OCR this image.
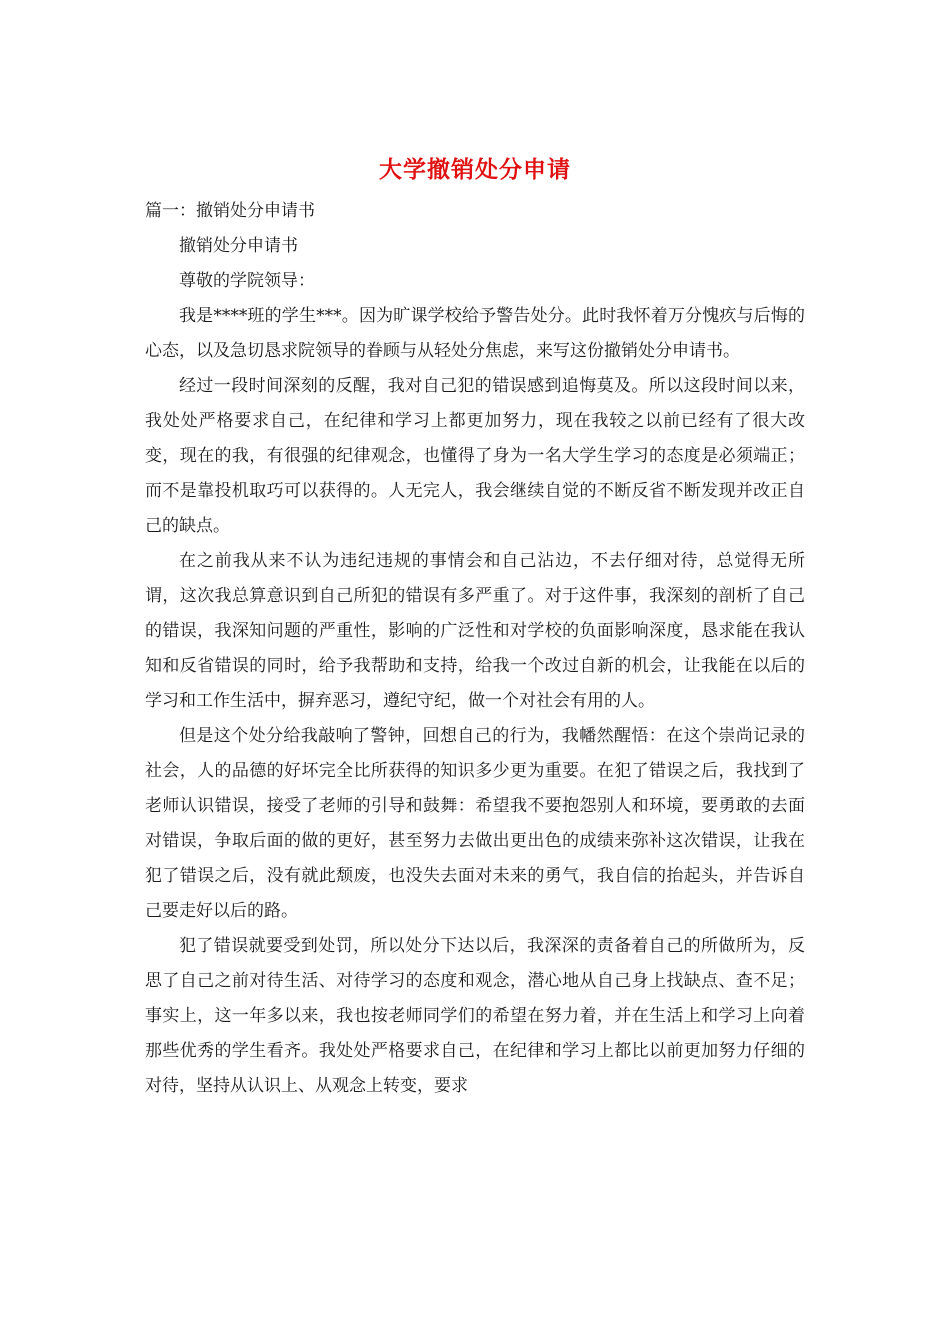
大学撤销处分申请

篇一：撤销处分申请书

撤销处分申请书

尊敬的学院领导：

我是****班的学生***。因为旷课学校给予警告处分。此时我怀着万分愧疚与后悔的心态，以及急切恳求院领导的眷顾与从轻处分焦虑，来写这份撤销处分申请书。

经过一段时间深刻的反醒，我对自己犯的错误感到追悔莫及。所以这段时间以来，我处处严格要求自己，在纪律和学习上都更加努力，现在我较之以前已经有了很大改变，现在的我，有很强的纪律观念，也懂得了身为一名大学生学习的态度是必须端正；而不是靠投机取巧可以获得的。人无完人，我会继续自觉的不断反省不断发现并改正自己的缺点。

在之前我从来不认为违纪违规的事情会和自己沾边，不去仔细对待，总觉得无所谓，这次我总算意识到自己所犯的错误有多严重了。对于这件事，我深刻的剖析了自己的错误，我深知问题的严重性，影响的广泛性和对学校的负面影响深度，恳求能在我认知和反省错误的同时，给予我帮助和支持，给我一个改过自新的机会，让我能在以后的学习和工作生活中，摒弃恶习，遵纪守纪，做一个对社会有用的人。

但是这个处分给我敲响了警钟，回想自己的行为，我幡然醒悟：在这个崇尚记录的社会，人的品德的好坏完全比所获得的知识多少更为重要。在犯了错误之后，我找到了老师认识错误，接受了老师的引导和鼓舞：希望我不要抱怨别人和环境，要勇敢的去面对错误，争取后面的做的更好，甚至努力去做出更出色的成绩来弥补这次错误，让我在犯了错误之后，没有就此颓废，也没失去面对未来的勇气，我自信的抬起头，并告诉自己要走好以后的路。

犯了错误就要受到处罚，所以处分下达以后，我深深的责备着自己的所做所为，反思了自己之前对待生活、对待学习的态度和观念，潜心地从自己身上找缺点、查不足；事实上，这一年多以来，我也按老师同学们的希望在努力着，并在生活上和学习上向着那些优秀的学生看齐。我处处严格要求自己，在纪律和学习上都比以前更加努力仔细的对待，坚持从认识上、从观念上转变，要求
